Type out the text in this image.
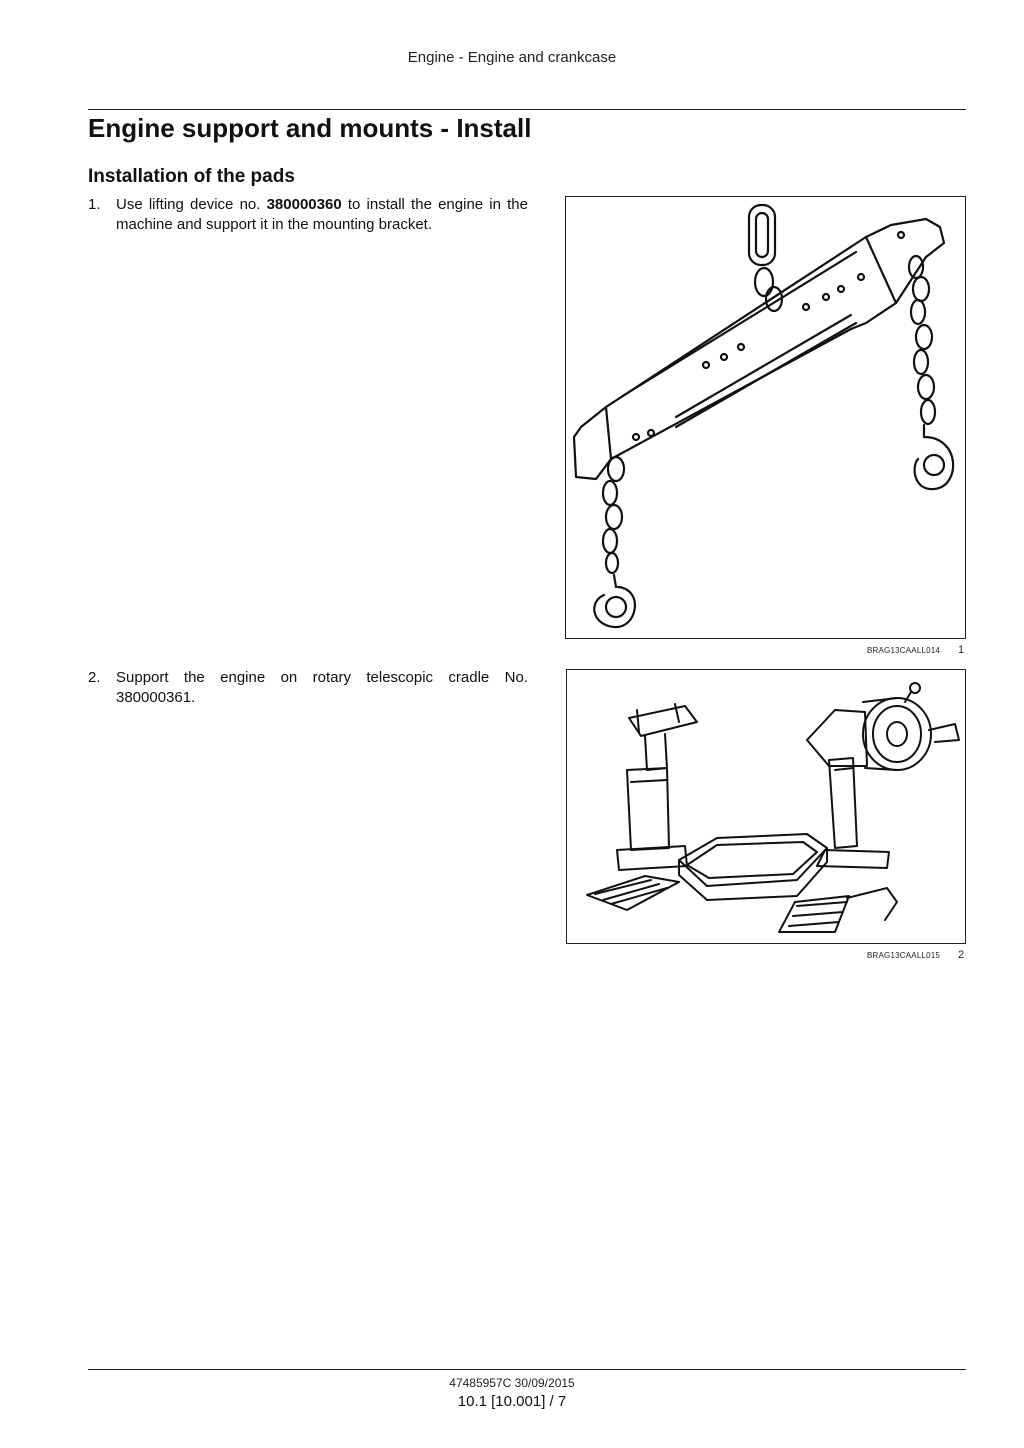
Engine - Engine and crankcase
Engine support and mounts - Install
Installation of the pads
1. Use lifting device no. 380000360 to install the engine in the machine and support it in the mounting bracket.
BRAG13CAALL014 1
2. Support the engine on rotary telescopic cradle No. 380000361.
BRAG13CAALL015 2
47485957C 30/09/2015
10.1 [10.001] / 7
